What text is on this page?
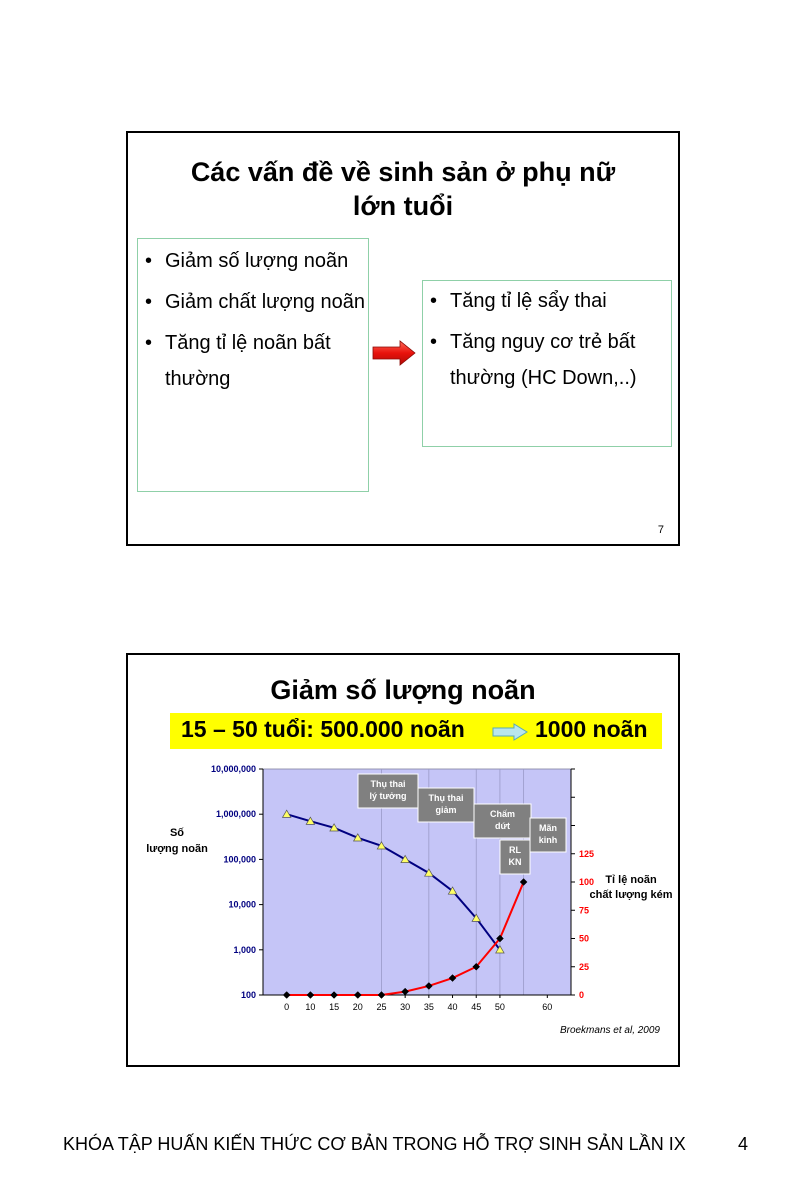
Các vấn đề về sinh sản ở phụ nữ
lớn tuổi
• Giảm số lượng noãn
• Giảm chất lượng noãn
• Tăng tỉ lệ noãn bất thường
• Tăng tỉ lệ sẩy thai
• Tăng nguy cơ trẻ bất thường (HC Down,..)
7
Giảm số lượng noãn
15 – 50 tuổi: 500.000 noãn	1000 noãn
100
1,000
10,000
100,000
1,000,000
10,000,000
0
25
50
75
100
125
0 10 15 20 25 30 35 40 45 50	60
Thụ thai lý tưởng Thụ thai giảm	Chấm dứt	Mãn kinh
RL KN
Số lượng noãn
Tỉ lệ noãn chất lượng kém
Broekmans et al, 2009
KHÓA TẬP HUẤN KIẾN THỨC CƠ BẢN TRONG HỖ TRỢ SINH SẢN LẦN IX	4
